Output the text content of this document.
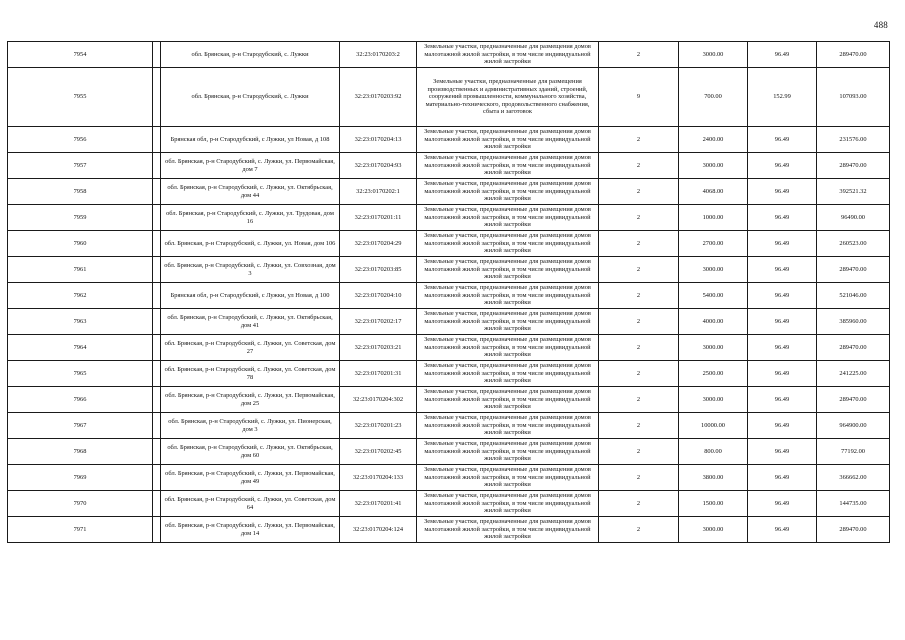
488
7954		обл. Брянская, р-н Стародубский, с. Лужки	32:23:0170203:2	Земельные участки, предназначенные для размещения домов малоэтажной жилой застройки, в том числе индивидуальной жилой застройки	2	3000.00	96.49	289470.00
7955		обл. Брянская, р-н Стародубский, с. Лужки	32:23:0170203:92	Земельные участки, предназначенные для размещения производственных и административных зданий, строений, сооружений промышленности, коммунального хозяйства, материально-технического, продовольственного снабжения, сбыта и заготовок	9	700.00	152.99	107093.00
7956		Брянская обл, р-н Стародубский, с Лужки, ул Новая, д 108	32:23:0170204:13	Земельные участки, предназначенные для размещения домов малоэтажной жилой застройки, в том числе индивидуальной жилой застройки	2	2400.00	96.49	231576.00
7957		обл. Брянская, р-н Стародубский, с. Лужки, ул. Первомайская, дом 7	32:23:0170204:93	Земельные участки, предназначенные для размещения домов малоэтажной жилой застройки, в том числе индивидуальной жилой застройки	2	3000.00	96.49	289470.00
7958		обл. Брянская, р-н Стародубский, с. Лужки, ул. Октябрьская, дом 44	32:23:0170202:1	Земельные участки, предназначенные для размещения домов малоэтажной жилой застройки, в том числе индивидуальной жилой застройки	2	4068.00	96.49	392521.32
7959		обл. Брянская, р-н Стародубский, с. Лужки, ул. Трудовая, дом 16	32:23:0170201:11	Земельные участки, предназначенные для размещения домов малоэтажной жилой застройки, в том числе индивидуальной жилой застройки	2	1000.00	96.49	96490.00
7960		обл. Брянская, р-н Стародубский, с. Лужки, ул. Новая, дом 106	32:23:0170204:29	Земельные участки, предназначенные для размещения домов малоэтажной жилой застройки, в том числе индивидуальной жилой застройки	2	2700.00	96.49	260523.00
7961		обл. Брянская, р-н Стародубский, с. Лужки, ул. Совхозная, дом 3	32:23:0170203:85	Земельные участки, предназначенные для размещения домов малоэтажной жилой застройки, в том числе индивидуальной жилой застройки	2	3000.00	96.49	289470.00
7962		Брянская обл, р-н Стародубский, с Лужки, ул Новая, д 100	32:23:0170204:10	Земельные участки, предназначенные для размещения домов малоэтажной жилой застройки, в том числе индивидуальной жилой застройки	2	5400.00	96.49	521046.00
7963		обл. Брянская, р-н Стародубский, с. Лужки, ул. Октябрьская, дом 41	32:23:0170202:17	Земельные участки, предназначенные для размещения домов малоэтажной жилой застройки, в том числе индивидуальной жилой застройки	2	4000.00	96.49	385960.00
7964		обл. Брянская, р-н Стародубский, с. Лужки, ул. Советская, дом 27	32:23:0170203:21	Земельные участки, предназначенные для размещения домов малоэтажной жилой застройки, в том числе индивидуальной жилой застройки	2	3000.00	96.49	289470.00
7965		обл. Брянская, р-н Стародубский, с. Лужки, ул. Советская, дом 78	32:23:0170201:31	Земельные участки, предназначенные для размещения домов малоэтажной жилой застройки, в том числе индивидуальной жилой застройки	2	2500.00	96.49	241225.00
7966		обл. Брянская, р-н Стародубский, с. Лужки, ул. Первомайская, дом 25	32:23:0170204:302	Земельные участки, предназначенные для размещения домов малоэтажной жилой застройки, в том числе индивидуальной жилой застройки	2	3000.00	96.49	289470.00
7967		обл. Брянская, р-н Стародубский, с. Лужки, ул. Пионерская, дом 3	32:23:0170201:23	Земельные участки, предназначенные для размещения домов малоэтажной жилой застройки, в том числе индивидуальной жилой застройки	2	10000.00	96.49	964900.00
7968		обл. Брянская, р-н Стародубский, с. Лужки, ул. Октябрьская, дом 60	32:23:0170202:45	Земельные участки, предназначенные для размещения домов малоэтажной жилой застройки, в том числе индивидуальной жилой застройки	2	800.00	96.49	77192.00
7969		обл. Брянская, р-н Стародубский, с. Лужки, ул. Первомайская, дом 49	32:23:0170204:133	Земельные участки, предназначенные для размещения домов малоэтажной жилой застройки, в том числе индивидуальной жилой застройки	2	3800.00	96.49	366662.00
7970		обл. Брянская, р-н Стародубский, с. Лужки, ул. Советская, дом 64	32:23:0170201:41	Земельные участки, предназначенные для размещения домов малоэтажной жилой застройки, в том числе индивидуальной жилой застройки	2	1500.00	96.49	144735.00
7971		обл. Брянская, р-н Стародубский, с. Лужки, ул. Первомайская, дом 14	32:23:0170204:124	Земельные участки, предназначенные для размещения домов малоэтажной жилой застройки, в том числе индивидуальной жилой застройки	2	3000.00	96.49	289470.00
